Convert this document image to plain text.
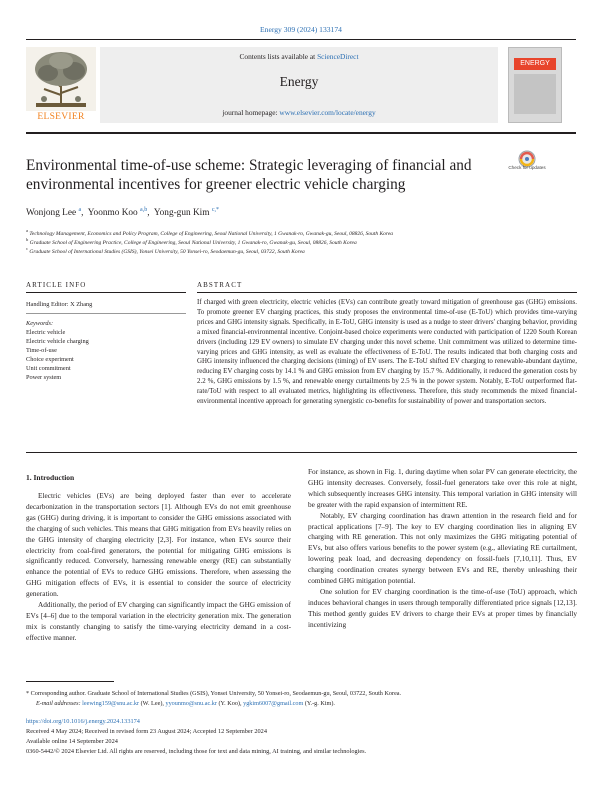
Energy 309 (2024) 133174
ELSEVIER
Contents lists available at ScienceDirect
Energy
journal homepage: www.elsevier.com/locate/energy
ENERGY
Environmental time-of-use scheme: Strategic leveraging of financial and environmental incentives for greener electric vehicle charging
Check for updates
Wonjong Lee $^a$,  Yoonmo Koo $^{a,b}$,  Yong-gun Kim $^{c,*}$
$^a$ Technology Management, Economics and Policy Program, College of Engineering, Seoul National University, 1 Gwanak-ro, Gwanak-gu, Seoul, 08826, South Korea
$^b$ Graduate School of Engineering Practice, College of Engineering, Seoul National University, 1 Gwanak-ro, Gwanak-gu, Seoul, 08826, South Korea
$^c$ Graduate School of International Studies (GSIS), Yonsei University, 50 Yonsei-ro, Seodaemun-gu, Seoul, 03722, South Korea
ARTICLE INFO	ABSTRACT
Handling Editor: X Zhang
Keywords:
Electric vehicle
Electric vehicle charging
Time-of-use
Choice experiment
Unit commitment
Power system
If charged with green electricity, electric vehicles (EVs) can contribute greatly toward mitigation of greenhouse gas (GHG) emissions. To promote greener EV charging practices, this study proposes the environmental time-of-use (E-ToU) which provides time-varying prices and GHG intensity signals. Specifically, in E-ToU, GHG intensity is used as a nudge to steer drivers' charging behavior, providing a mixed financial-environmental incentive. Conjoint-based choice experiments were conducted with participation of 1220 South Korean drivers (including 129 EV owners) to simulate EV charging under this novel scheme. Unit commitment was utilized to determine time-varying prices and GHG intensity, as well as evaluate the effectiveness of E-ToU. The results indicated that both charging costs and GHG intensity influenced the charging decisions (timing) of EV users. The E-ToU shifted EV charging to renewable-abundant daytime, reducing EV charging costs by 14.1 % and GHG emission from EV charging by 15.7 %. Additionally, it reduced the generation costs by 2.2 %, GHG emissions by 1.5 %, and renewable energy curtailments by 2.5 % in the power system. Notably, E-ToU outperformed flat-rate/ToU with respect to all evaluated metrics, highlighting its effectiveness. Therefore, this study recommends the mixed financial-environmental incentive approach for generating synergistic co-benefits for sustainability of power and transportation sectors.
1. Introduction

Electric vehicles (EVs) are being deployed faster than ever to accelerate decarbonization in the transportation sectors [1]. Although EVs do not emit greenhouse gas (GHG) during driving, it is important to consider the GHG emissions associated with the charging of such vehicles. This means that GHG mitigation from EVs heavily relies on the GHG intensity of charging electricity [2,3]. For instance, when EVs source their electricity from coal-fired generators, the potential for mitigating GHG emissions is significantly reduced. Conversely, harnessing renewable energy (RE) can substantially enhance the potential of EVs to reduce GHG emissions. Therefore, when assessing the GHG mitigation effects of EVs, it is essential to consider the source of electricity generation.

Additionally, the period of EV charging can significantly impact the GHG emission of EVs [4–6] due to the temporal variation in the electricity generation mix. The generation mix is constantly changing to satisfy the time-varying electricity demand in a cost-effective manner.

For instance, as shown in Fig. 1, during daytime when solar PV can generate electricity, the GHG intensity decreases. Conversely, fossil-fuel generators take over this role at night, which subsequently increases GHG intensity. This temporal variation in GHG intensity will be greater with the rapid expansion of intermittent RE.

Notably, EV charging coordination has drawn attention in the research field and for practical applications [7–9]. The key to EV charging coordination lies in aligning EV charging with RE generation. This not only maximizes the GHG mitigating potential of EVs, but also offers various benefits to the power system (e.g., alleviating RE curtailment, lowering peak load, and decreasing dependency on fossil-fuels [7,10,11]. Thus, EV charging coordination creates synergy between EVs and RE, thereby unleashing their combined GHG mitigation potential.

One solution for EV charging coordination is the time-of-use (ToU) approach, which induces behavioral changes in users through temporally differentiated price signals [12,13]. This method gently guides EV drivers to charge their EVs at proper times by financially incentivizing

* Corresponding author. Graduate School of International Studies (GSIS), Yonsei University, 50 Yonsei-ro, Seodaemun-gu, Seoul, 03722, South Korea.
E-mail addresses: leewing159@snu.ac.kr (W. Lee), yyounmo@snu.ac.kr (Y. Koo), ygkim6007@gmail.com (Y.-g. Kim).
https://doi.org/10.1016/j.energy.2024.133174
Received 4 May 2024; Received in revised form 23 August 2024; Accepted 12 September 2024
Available online 14 September 2024
0360-5442/© 2024 Elsevier Ltd. All rights are reserved, including those for text and data mining, AI training, and similar technologies.
